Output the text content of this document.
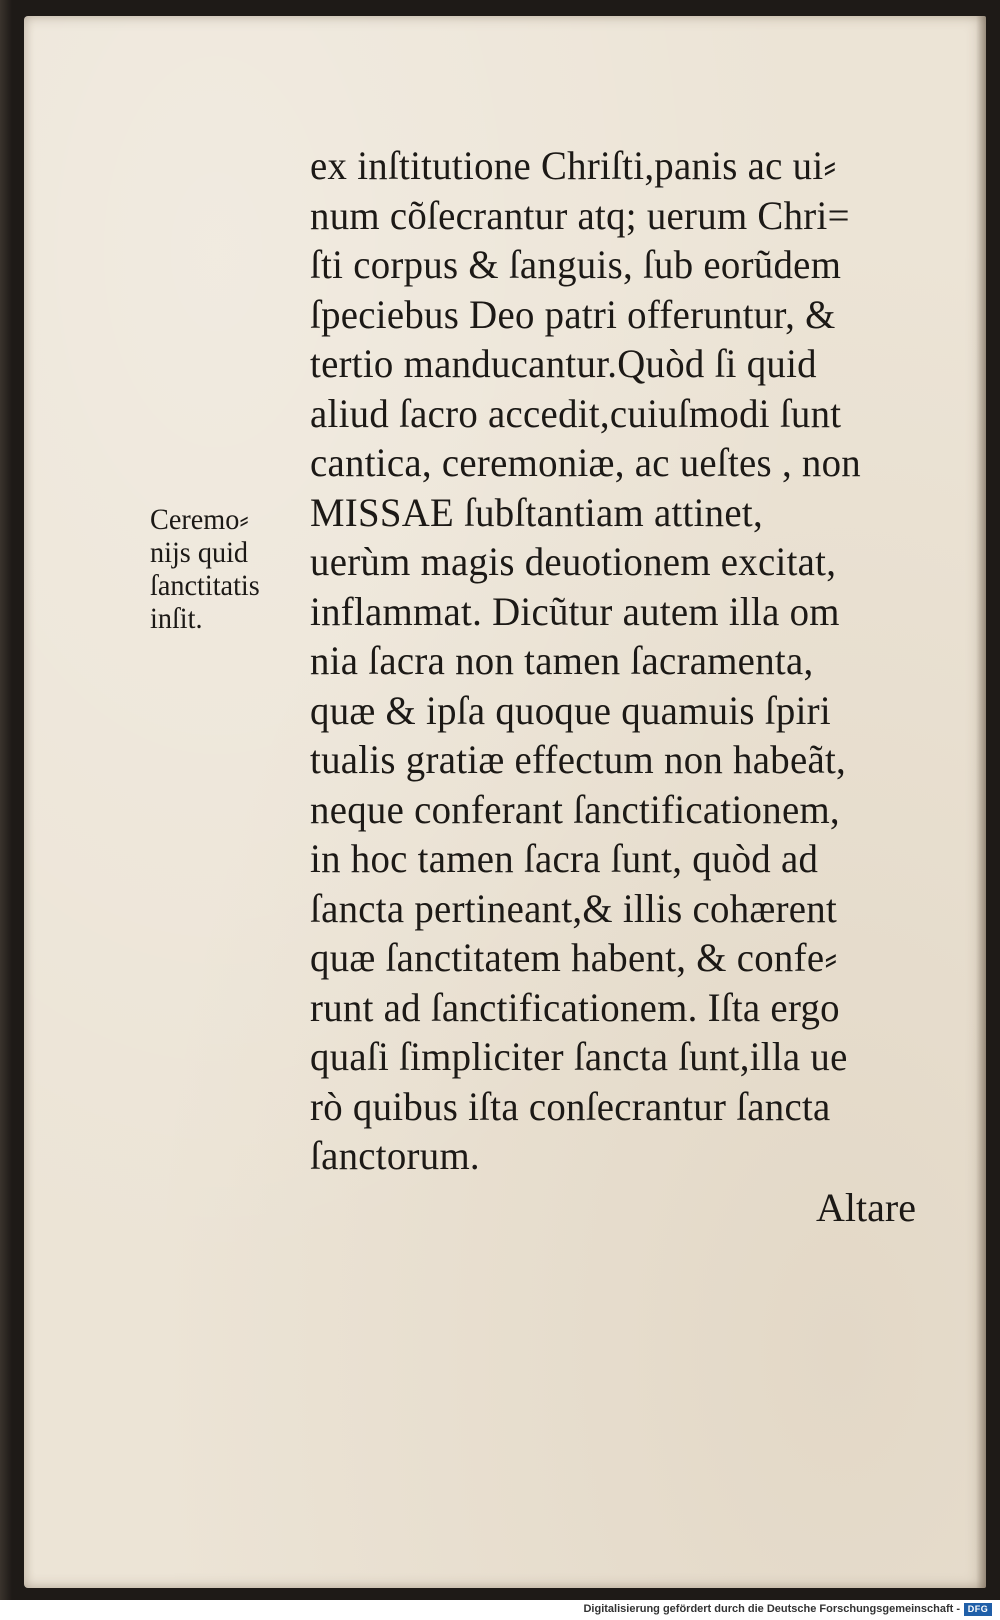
Ceremo⸗
nijs quid
ſanctitatis
inſit.
ex inſtitutione Chriſti,panis ac ui⸗
num cõſecrantur atq; uerum Chri=
ſti corpus & ſanguis, ſub eorũdem
ſpeciebus Deo patri offeruntur, &
tertio manducantur.Quòd ſi quid
aliud ſacro accedit,cuiuſmodi ſunt
cantica, ceremoniæ, ac ueſtes , non
MISSAE ſubſtantiam attinet,
uerùm magis deuotionem excitat,
inflammat. Dicũtur autem illa om
nia ſacra non tamen ſacramenta,
quæ & ipſa quoque quamuis ſpiri
tualis gratiæ effectum non habeãt,
neque conferant ſanctificationem,
in hoc tamen ſacra ſunt, quòd ad
ſancta pertineant,& illis cohærent
quæ ſanctitatem habent, & confe⸗
runt ad ſanctificationem. Iſta ergo
quaſi ſimpliciter ſancta ſunt,illa ue
rò quibus iſta conſecrantur ſancta
ſanctorum.
Altare
Digitalisierung gefördert durch die Deutsche Forschungsgemeinschaft - DFG
